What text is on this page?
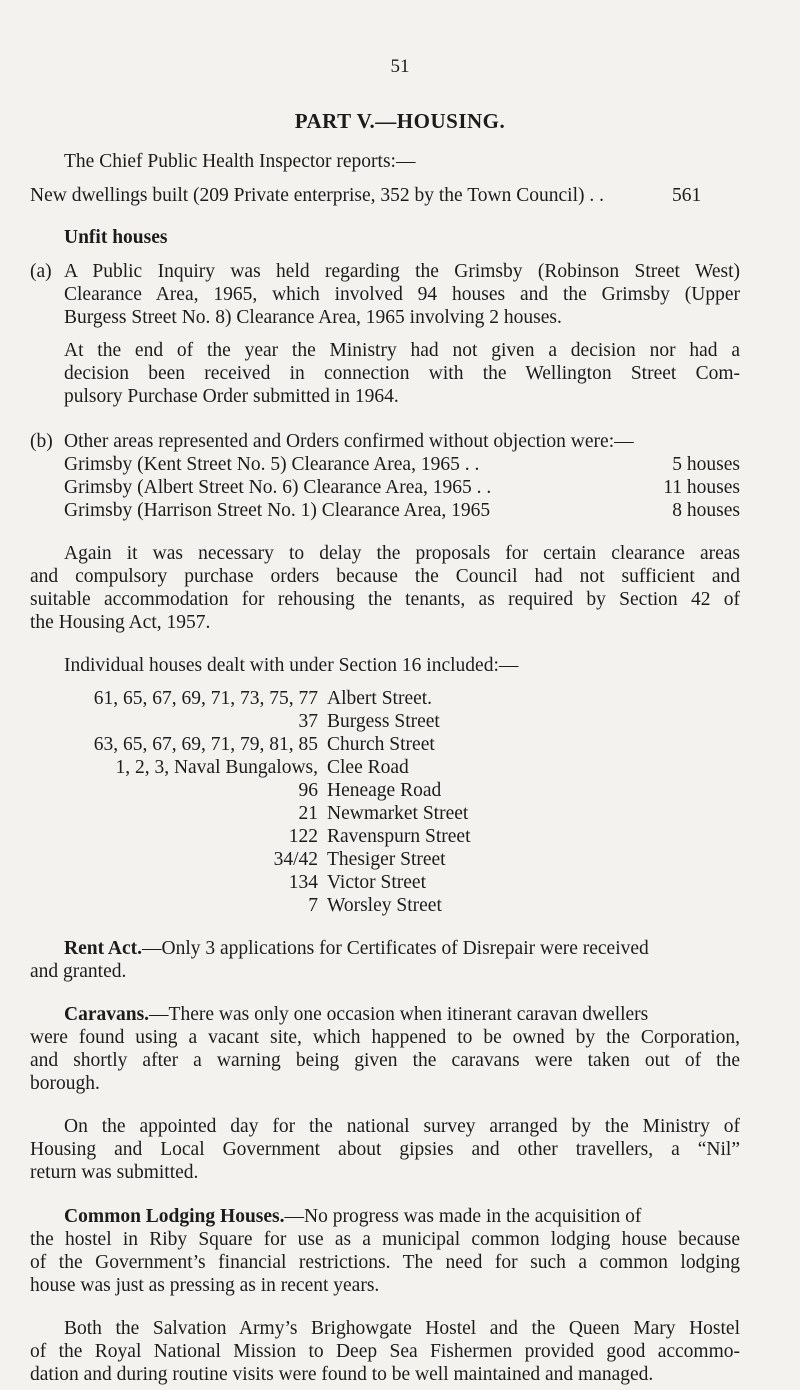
51
PART V.—HOUSING.
The Chief Public Health Inspector reports:—
New dwellings built (209 Private enterprise, 352 by the Town Council) . .	561
Unfit houses
(a) A Public Inquiry was held regarding the Grimsby (Robinson Street West)
Clearance Area, 1965, which involved 94 houses and the Grimsby (Upper
Burgess Street No. 8) Clearance Area, 1965 involving 2 houses.
At the end of the year the Ministry had not given a decision nor had a
decision been received in connection with the Wellington Street Com-
pulsory Purchase Order submitted in 1964.
(b) Other areas represented and Orders confirmed without objection were:—
Grimsby (Kent Street No. 5) Clearance Area, 1965 . .	5 houses
Grimsby (Albert Street No. 6) Clearance Area, 1965 . .	11 houses
Grimsby (Harrison Street No. 1) Clearance Area, 1965	8 houses
Again it was necessary to delay the proposals for certain clearance areas
and compulsory purchase orders because the Council had not sufficient and
suitable accommodation for rehousing the tenants, as required by Section 42 of
the Housing Act, 1957.
Individual houses dealt with under Section 16 included:—
61, 65, 67, 69, 71, 73, 75, 77 Albert Street.
37 Burgess Street
63, 65, 67, 69, 71, 79, 81, 85 Church Street
1, 2, 3, Naval Bungalows, Clee Road
96 Heneage Road
21 Newmarket Street
122 Ravenspurn Street
34/42 Thesiger Street
134 Victor Street
7 Worsley Street
Rent Act.—Only 3 applications for Certificates of Disrepair were received
and granted.
Caravans.—There was only one occasion when itinerant caravan dwellers
were found using a vacant site, which happened to be owned by the Corporation,
and shortly after a warning being given the caravans were taken out of the
borough.
On the appointed day for the national survey arranged by the Ministry of
Housing and Local Government about gipsies and other travellers, a “Nil”
return was submitted.
Common Lodging Houses.—No progress was made in the acquisition of
the hostel in Riby Square for use as a municipal common lodging house because
of the Government’s financial restrictions. The need for such a common lodging
house was just as pressing as in recent years.
Both the Salvation Army’s Brighowgate Hostel and the Queen Mary Hostel
of the Royal National Mission to Deep Sea Fishermen provided good accommo-
dation and during routine visits were found to be well maintained and managed.
